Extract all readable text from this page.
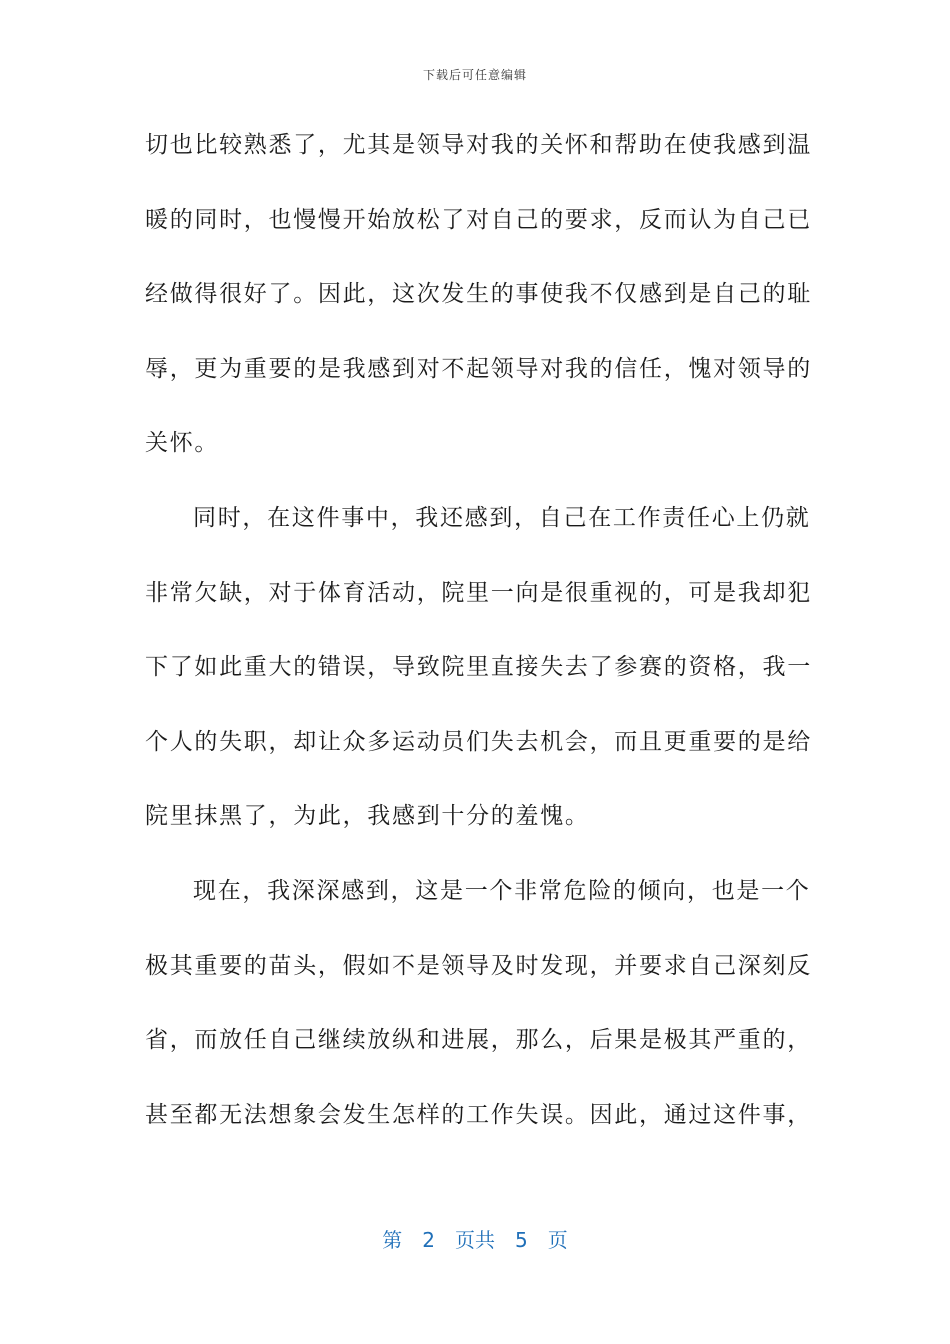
下载后可任意编辑
切也比较熟悉了，尤其是领导对我的关怀和帮助在使我感到温
暖的同时，也慢慢开始放松了对自己的要求，反而认为自己已
经做得很好了。因此，这次发生的事使我不仅感到是自己的耻
辱，更为重要的是我感到对不起领导对我的信任，愧对领导的
关怀。
同时，在这件事中，我还感到，自己在工作责任心上仍就
非常欠缺，对于体育活动，院里一向是很重视的，可是我却犯
下了如此重大的错误，导致院里直接失去了参赛的资格，我一
个人的失职，却让众多运动员们失去机会，而且更重要的是给
院里抹黑了，为此，我感到十分的羞愧。
现在，我深深感到，这是一个非常危险的倾向，也是一个
极其重要的苗头，假如不是领导及时发现，并要求自己深刻反
省，而放任自己继续放纵和进展，那么，后果是极其严重的，
甚至都无法想象会发生怎样的工作失误。因此，通过这件事，
第 2 页共 5 页
